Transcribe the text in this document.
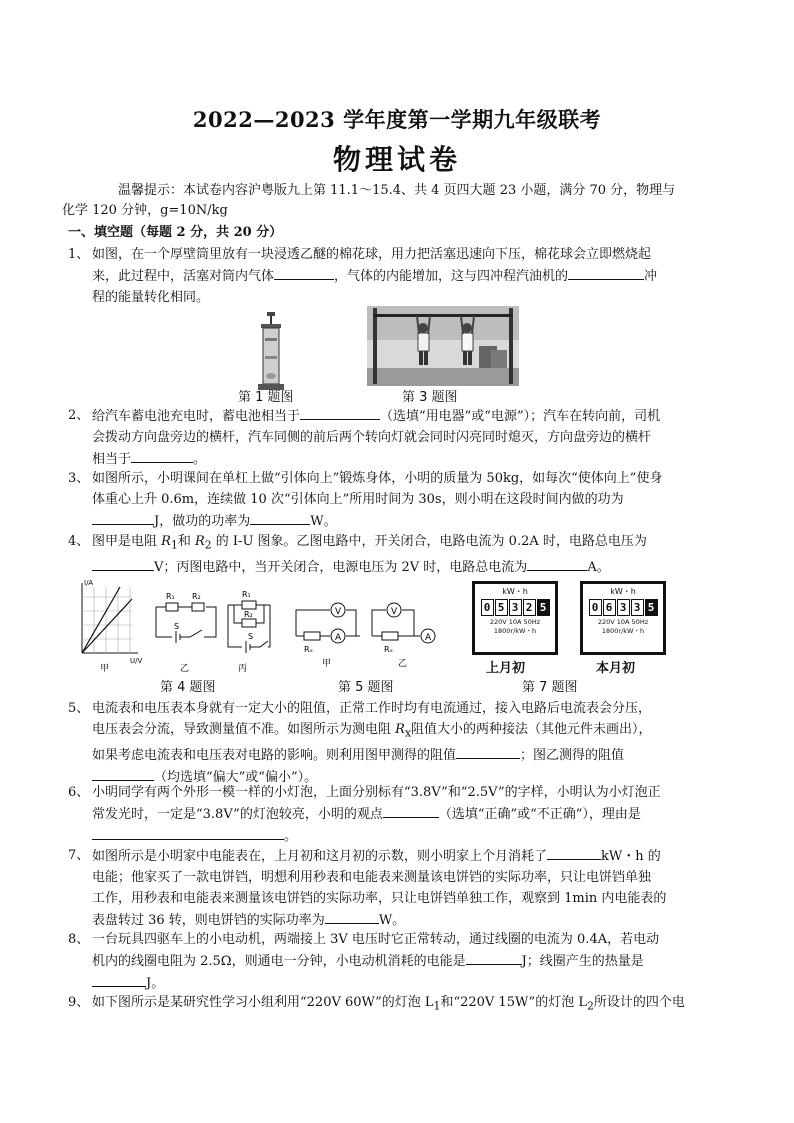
2022—2023 学年度第一学期九年级联考
物理试卷
温馨提示：本试卷内容沪粤版九上第 11.1～15.4、共 4 页四大题 23 小题，满分 70 分，物理与
化学 120 分钟，g=10N/kg
一、填空题（每题 2 分，共 20 分）
1、 如图，在一个厚壁筒里放有一块浸透乙醚的棉花球，用力把活塞迅速向下压，棉花球会立即燃烧起
来，此过程中，活塞对筒内气体	，气体的内能增加，这与四冲程汽油机的	冲
程的能量转化相同。
第 1 题图	第 3 题图
2、 给汽车蓄电池充电时，蓄电池相当于	（选填“用电器”或“电源”）；汽车在转向前，司机
会拨动方向盘旁边的横杆，汽车同侧的前后两个转向灯就会同时闪亮同时熄灭，方向盘旁边的横杆
相当于	。
3、 如图所示，小明课间在单杠上做“引体向上”锻炼身体，小明的质量为 50kg，如每次“使体向上”使身
体重心上升 0.6m，连续做 10 次“引体向上”所用时间为 30s，则小明在这段时间内做的功为
J，做功的功率为	W。
4、 图甲是电阻 $R_1$和 $R_2$ 的 I-U 图象。乙图电路中，开关闭合，电路电流为 0.2A 时，电路总电压为
V；丙图电路中，当开关闭合，电源电压为 2V 时，电路总电流为	A。
I/A
U/V
甲
R₁ R₂
S
乙
R₁
R₂
S
丙
第 4 题图
V
A
Rₓ
甲
V
A
Rₓ
乙
第 5 题图
kW・h
0 5 3 2 5
220V 10A 50Hz
1800r/kW・h
kW・h
0 6 3 3 5
220V 10A 50Hz
1800r/kW・h
上月初	本月初
第 7 题图
5、 电流表和电压表本身就有一定大小的阻值，正常工作时均有电流通过，接入电路后电流表会分压，
电压表会分流，导致测量值不准。如图所示为测电阻 $R_x$阻值大小的两种接法（其他元件未画出），
如果考虑电流表和电压表对电路的影响。则利用图甲测得的阻值	；图乙测得的阻值
（均选填“偏大”或“偏小”）。
6、 小明同学有两个外形一模一样的小灯泡，上面分别标有“3.8V”和“2.5V”的字样，小明认为小灯泡正
常发光时，一定是“3.8V”的灯泡较亮，小明的观点	（选填“正确”或“不正确”），理由是
。
7、 如图所示是小明家中电能表在，上月初和这月初的示数，则小明家上个月消耗了	kW・h 的
电能；他家买了一款电饼铛，明想利用秒表和电能表来测量该电饼铛的实际功率，只让电饼铛单独
工作，用秒表和电能表来测量该电饼铛的实际功率，只让电饼铛单独工作，观察到 1min 内电能表的
表盘转过 36 转，则电饼铛的实际功率为	W。
8、 一台玩具四驱车上的小电动机，两端接上 3V 电压时它正常转动，通过线圈的电流为 0.4A，若电动
机内的线圈电阻为 2.5Ω，则通电一分钟，小电动机消耗的电能是	J；线圈产生的热量是
J。
9、 如下图所示是某研究性学习小组利用“220V 60W”的灯泡 $L_1$和“220V 15W”的灯泡 $L_2$所设计的四个电
